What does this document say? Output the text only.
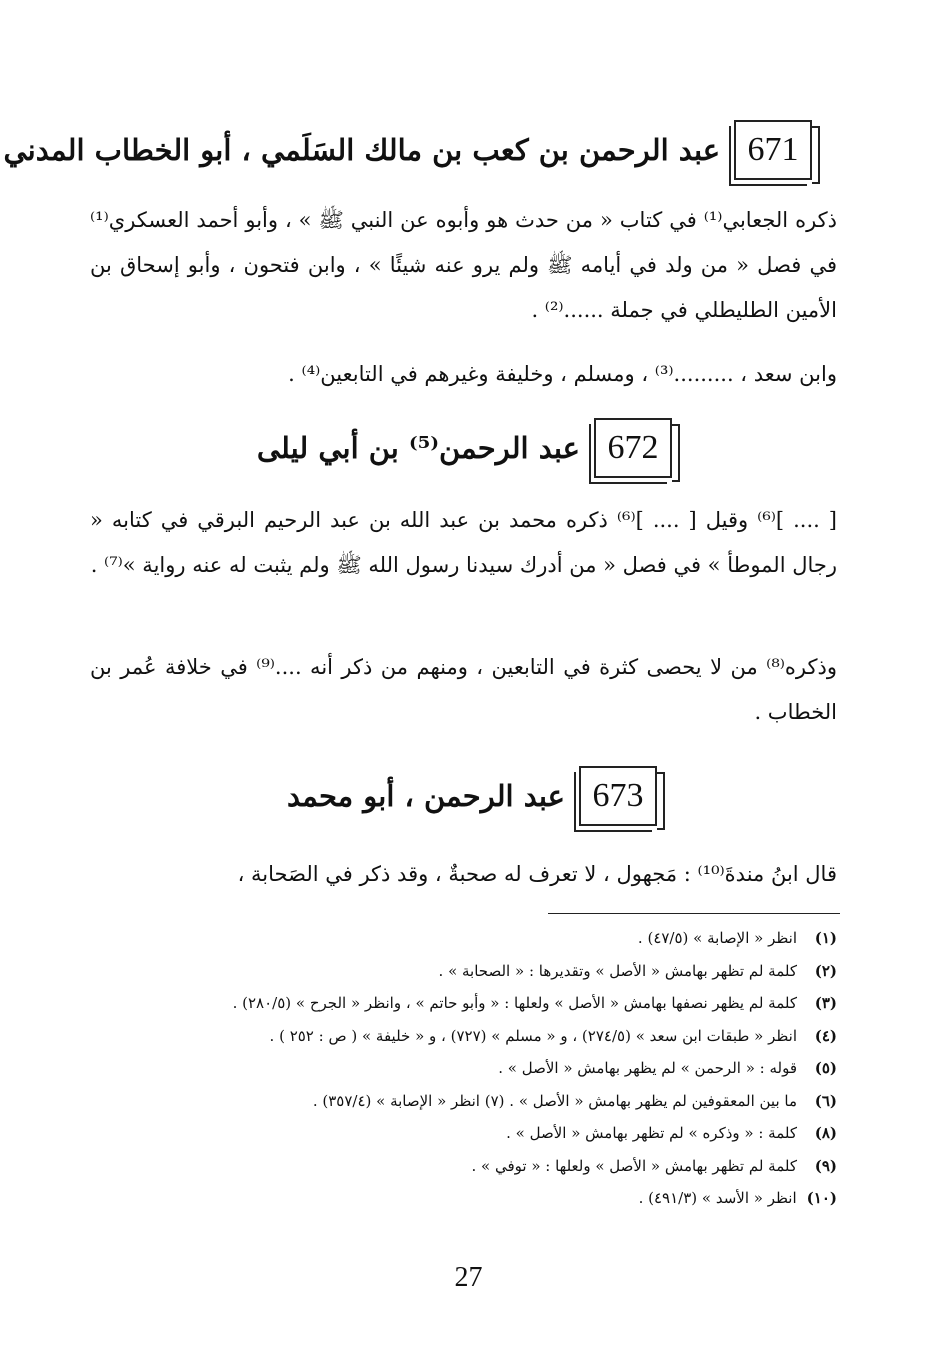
671
عبد الرحمن بن كعب بن مالك السَلَمي ، أبو الخطاب المدني
ذكره الجعابي⁽¹⁾ في كتاب « من حدث هو وأبوه عن النبي ﷺ » ، وأبو أحمد العسكري⁽¹⁾ في فصل « من ولد في أيامه ﷺ ولم يرو عنه شيئًا » ، وابن فتحون ، وأبو إسحاق بن الأمين الطليطلي في جملة ......⁽²⁾ .
وابن سعد ، .........⁽³⁾ ، ومسلم ، وخليفة وغيرهم في التابعين⁽⁴⁾ .
672
عبد الرحمن⁽⁵⁾ بن أبي ليلى
[ .... ]⁽⁶⁾ وقيل [ .... ]⁽⁶⁾ ذكره محمد بن عبد الله بن عبد الرحيم البرقي في كتابه « رجال الموطأ » في فصل « من أدرك سيدنا رسول الله ﷺ ولم يثبت له عنه رواية »⁽⁷⁾ .
وذكره⁽⁸⁾ من لا يحصى كثرة في التابعين ، ومنهم من ذكر أنه ....⁽⁹⁾ في خلافة عُمر بن الخطاب .
673
عبد الرحمن ، أبو محمد
قال ابنُ مندةَ⁽¹⁰⁾ : مَجهول ، لا تعرف له صحبةٌ ، وقد ذكر في الصَحابة ،
(١)
انظر « الإصابة » (٤٧/٥) .
(٢)
كلمة لم تظهر بهامش « الأصل » وتقديرها : « الصحابة » .
(٣)
كلمة لم يظهر نصفها بهامش « الأصل » ولعلها : « وأبو حاتم » ، وانظر « الجرح » (٢٨٠/٥) .
(٤)
انظر « طبقات ابن سعد » (٢٧٤/٥) ، و « مسلم » (٧٢٧) ، و « خليفة » ( ص : ٢٥٢ ) .
(٥)
قوله : « الرحمن » لم يظهر بهامش « الأصل » .
(٦)
ما بين المعقوفين لم يظهر بهامش « الأصل » . (٧) انظر « الإصابة » (٣٥٧/٤) .
(٨)
كلمة : « وذكره » لم تظهر بهامش « الأصل » .
(٩)
كلمة لم تظهر بهامش « الأصل » ولعلها : « توفي » .
(١٠)
انظر « الأسد » (٤٩١/٣) .
27
